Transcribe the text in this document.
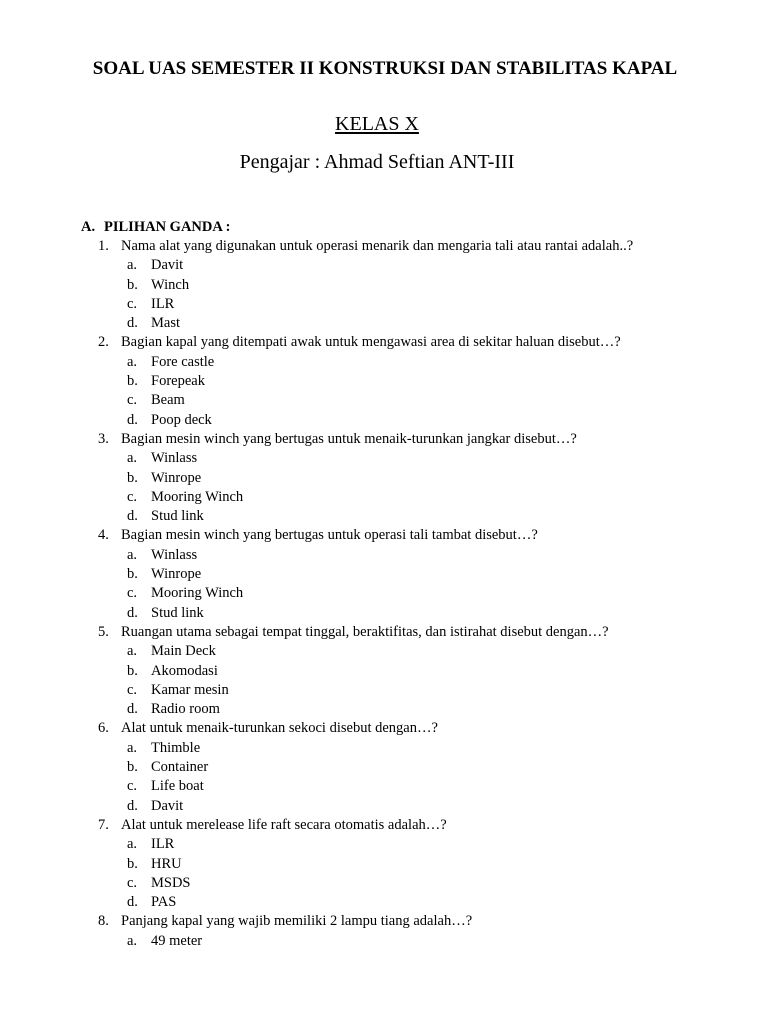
SOAL UAS SEMESTER II KONSTRUKSI DAN STABILITAS KAPAL
KELAS X
Pengajar : Ahmad Seftian ANT-III
A. PILIHAN GANDA :
1. Nama alat yang digunakan untuk operasi menarik dan mengaria tali atau rantai adalah..?
a. Davit
b. Winch
c. ILR
d. Mast
2. Bagian kapal yang ditempati awak untuk mengawasi area di sekitar haluan disebut…?
a. Fore castle
b. Forepeak
c. Beam
d. Poop deck
3. Bagian mesin winch yang bertugas untuk menaik-turunkan jangkar disebut…?
a. Winlass
b. Winrope
c. Mooring Winch
d. Stud link
4. Bagian mesin winch yang bertugas untuk operasi tali tambat disebut…?
a. Winlass
b. Winrope
c. Mooring Winch
d. Stud link
5. Ruangan utama sebagai tempat tinggal, beraktifitas, dan istirahat disebut dengan…?
a. Main Deck
b. Akomodasi
c. Kamar mesin
d. Radio room
6. Alat untuk menaik-turunkan sekoci disebut dengan…?
a. Thimble
b. Container
c. Life boat
d. Davit
7. Alat untuk merelease life raft secara otomatis adalah…?
a. ILR
b. HRU
c. MSDS
d. PAS
8. Panjang kapal yang wajib memiliki 2 lampu tiang adalah…?
a. 49 meter
